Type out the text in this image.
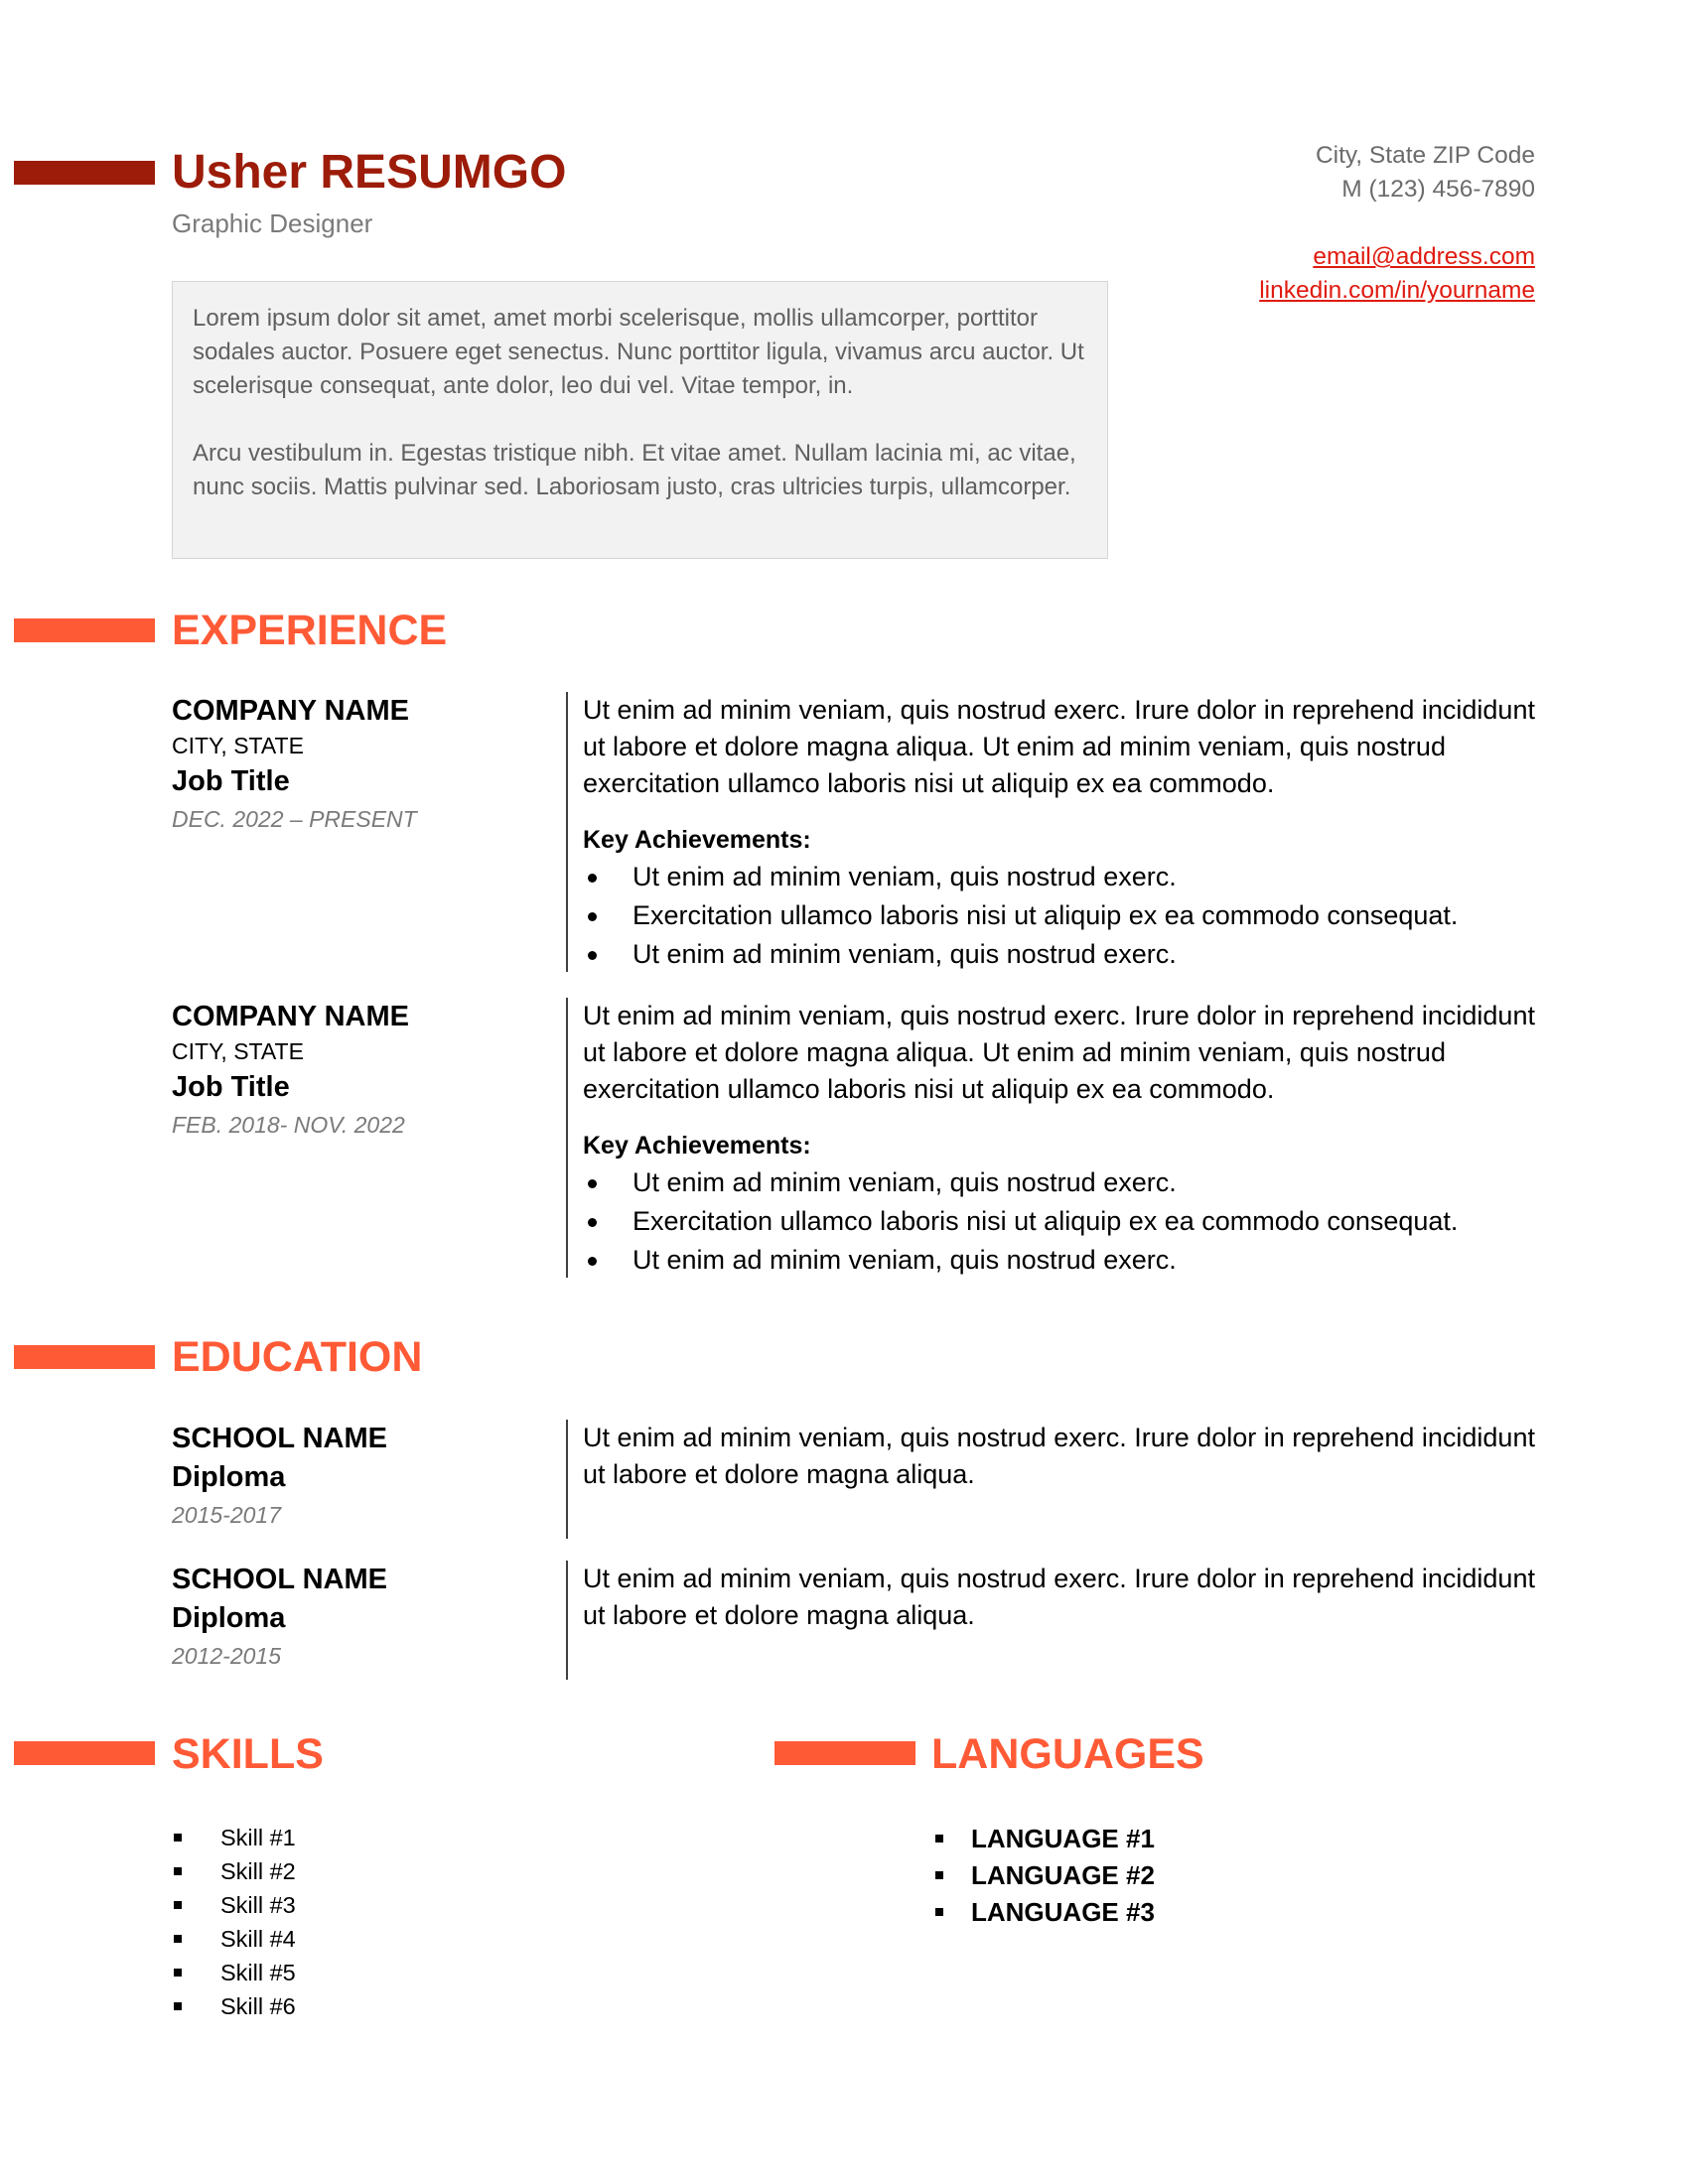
Usher RESUMGO
Graphic Designer
City, State ZIP Code
M (123) 456-7890
email@address.com
linkedin.com/in/yourname

Lorem ipsum dolor sit amet, amet morbi scelerisque, mollis ullamcorper, porttitor sodales auctor. Posuere eget senectus. Nunc porttitor ligula, vivamus arcu auctor. Ut scelerisque consequat, ante dolor, leo dui vel. Vitae tempor, in.

Arcu vestibulum in. Egestas tristique nibh. Et vitae amet. Nullam lacinia mi, ac vitae, nunc sociis. Mattis pulvinar sed. Laboriosam justo, cras ultricies turpis, ullamcorper.

EXPERIENCE
COMPANY NAME
CITY, STATE
Job Title
DEC. 2022 – PRESENT

Ut enim ad minim veniam, quis nostrud exerc. Irure dolor in reprehend incididunt ut labore et dolore magna aliqua. Ut enim ad minim veniam, quis nostrud exercitation ullamco laboris nisi ut aliquip ex ea commodo.

Key Achievements:
Ut enim ad minim veniam, quis nostrud exerc.
Exercitation ullamco laboris nisi ut aliquip ex ea commodo consequat.
Ut enim ad minim veniam, quis nostrud exerc.
COMPANY NAME
CITY, STATE
Job Title
FEB. 2018- NOV. 2022

Ut enim ad minim veniam, quis nostrud exerc. Irure dolor in reprehend incididunt ut labore et dolore magna aliqua. Ut enim ad minim veniam, quis nostrud exercitation ullamco laboris nisi ut aliquip ex ea commodo.

Key Achievements:
Ut enim ad minim veniam, quis nostrud exerc.
Exercitation ullamco laboris nisi ut aliquip ex ea commodo consequat.
Ut enim ad minim veniam, quis nostrud exerc.
EDUCATION
SCHOOL NAME
Diploma
2015-2017

Ut enim ad minim veniam, quis nostrud exerc. Irure dolor in reprehend incididunt ut labore et dolore magna aliqua.

SCHOOL NAME
Diploma
2012-2015

Ut enim ad minim veniam, quis nostrud exerc. Irure dolor in reprehend incididunt ut labore et dolore magna aliqua.

SKILLS
Skill #1
Skill #2
Skill #3
Skill #4
Skill #5
Skill #6
LANGUAGES
LANGUAGE #1
LANGUAGE #2
LANGUAGE #3
